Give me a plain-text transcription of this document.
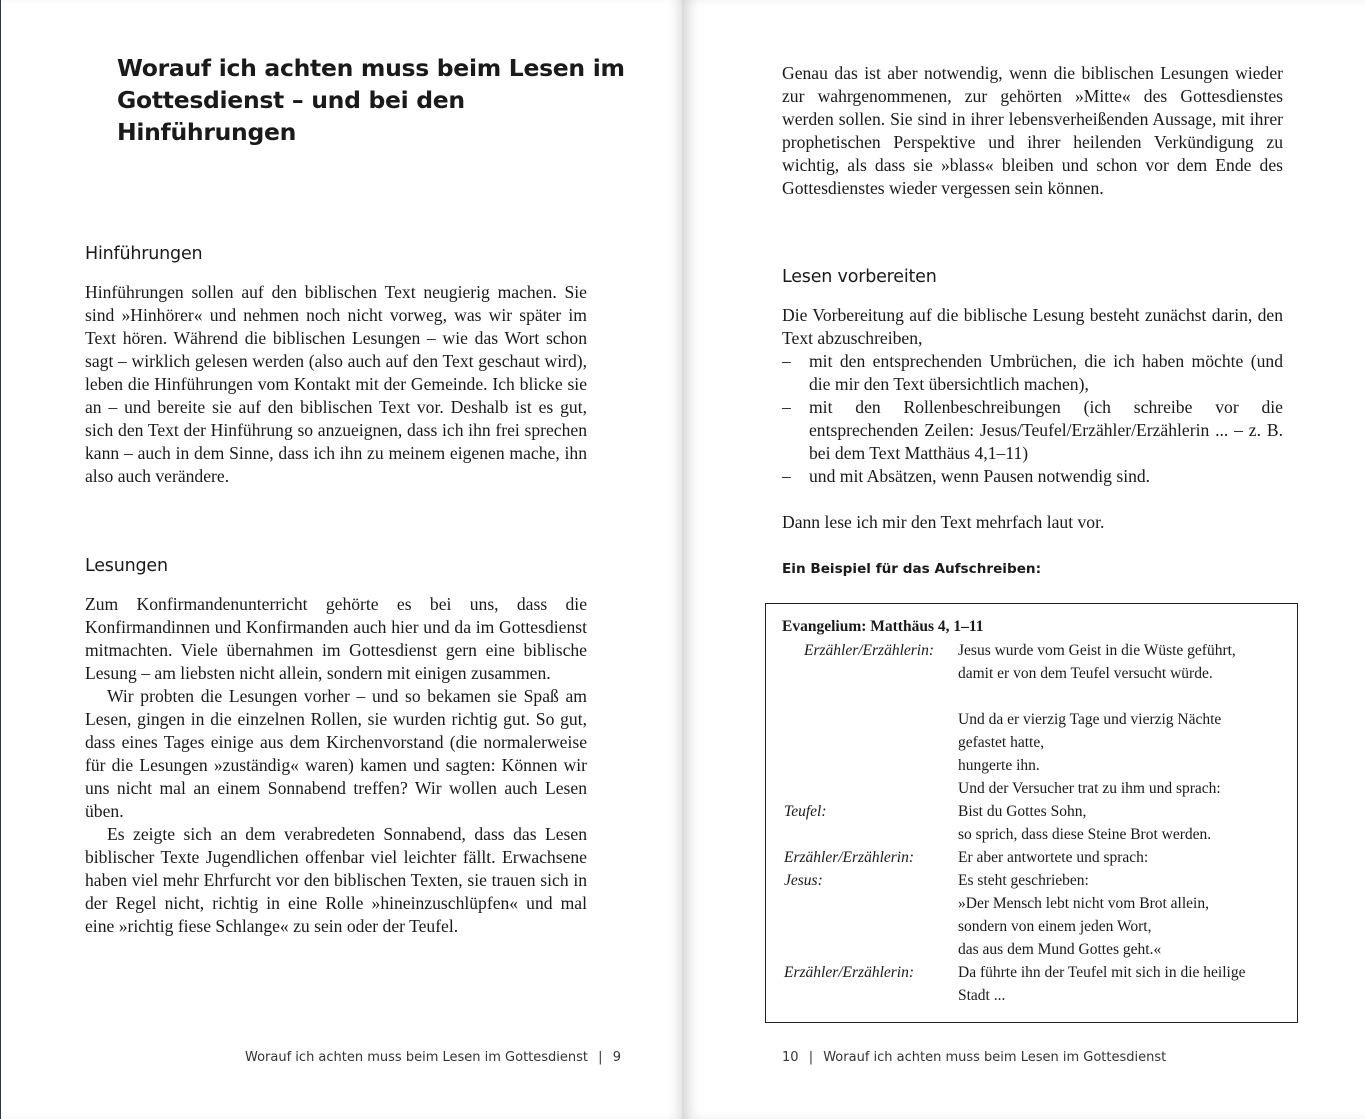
Worauf ich achten muss beim Lesen im Gottesdienst – und bei den Hinführungen
Hinführungen

Hinführungen sollen auf den biblischen Text neugierig machen. Sie sind »Hinhörer« und nehmen noch nicht vorweg, was wir später im Text hören. Während die biblischen Lesungen – wie das Wort schon sagt – wirklich gelesen werden (also auch auf den Text geschaut wird), leben die Hinführungen vom Kontakt mit der Gemeinde. Ich blicke sie an – und bereite sie auf den biblischen Text vor. Deshalb ist es gut, sich den Text der Hinführung so anzueignen, dass ich ihn frei sprechen kann – auch in dem Sinne, dass ich ihn zu meinem eigenen mache, ihn also auch verändere.

Lesungen

Zum Konfirmandenunterricht gehörte es bei uns, dass die Konfirmandinnen und Konfirmanden auch hier und da im Gottesdienst mitmachten. Viele übernahmen im Gottesdienst gern eine biblische Lesung – am liebsten nicht allein, sondern mit einigen zusammen.

Wir probten die Lesungen vorher – und so bekamen sie Spaß am Lesen, gingen in die einzelnen Rollen, sie wurden richtig gut. So gut, dass eines Tages einige aus dem Kirchenvorstand (die normalerweise für die Lesungen »zuständig« waren) kamen und sagten: Können wir uns nicht mal an einem Sonnabend treffen? Wir wollen auch Lesen üben.

Es zeigte sich an dem verabredeten Sonnabend, dass das Lesen biblischer Texte Jugendlichen offenbar viel leichter fällt. Erwachsene haben viel mehr Ehrfurcht vor den biblischen Texten, sie trauen sich in der Regel nicht, richtig in eine Rolle »hineinzuschlüpfen« und mal eine »richtig fiese Schlange« zu sein oder der Teufel.

Worauf ich achten muss beim Lesen im Gottesdienst | 9

Genau das ist aber notwendig, wenn die biblischen Lesungen wieder zur wahrgenommenen, zur gehörten »Mitte« des Gottesdienstes werden sollen. Sie sind in ihrer lebensverheißenden Aussage, mit ihrer prophetischen Perspektive und ihrer heilenden Verkündigung zu wichtig, als dass sie »blass« bleiben und schon vor dem Ende des Gottesdienstes wieder vergessen sein können.

Lesen vorbereiten

Die Vorbereitung auf die biblische Lesung besteht zunächst darin, den Text abzuschreiben,

– mit den entsprechenden Umbrüchen, die ich haben möchte (und die mir den Text übersichtlich machen),
– mit den Rollenbeschreibungen (ich schreibe vor die entsprechenden Zeilen: Jesus/Teufel/Erzähler/Erzählerin ... – z. B. bei dem Text Matthäus 4,1–11)
– und mit Absätzen, wenn Pausen notwendig sind.

Dann lese ich mir den Text mehrfach laut vor.

Ein Beispiel für das Aufschreiben:

Evangelium: Matthäus 4, 1–11
Erzähler/Erzählerin:	Jesus wurde vom Geist in die Wüste geführt,
damit er von dem Teufel versucht würde.
Und da er vierzig Tage und vierzig Nächte
gefastet hatte,
hungerte ihn.
Und der Versucher trat zu ihm und sprach:
Teufel:	Bist du Gottes Sohn,
so sprich, dass diese Steine Brot werden.
Erzähler/Erzählerin:	Er aber antwortete und sprach:
Jesus:	Es steht geschrieben:
»Der Mensch lebt nicht vom Brot allein,
sondern von einem jeden Wort,
das aus dem Mund Gottes geht.«
Erzähler/Erzählerin:	Da führte ihn der Teufel mit sich in die heilige
Stadt ...
10 | Worauf ich achten muss beim Lesen im Gottesdienst
